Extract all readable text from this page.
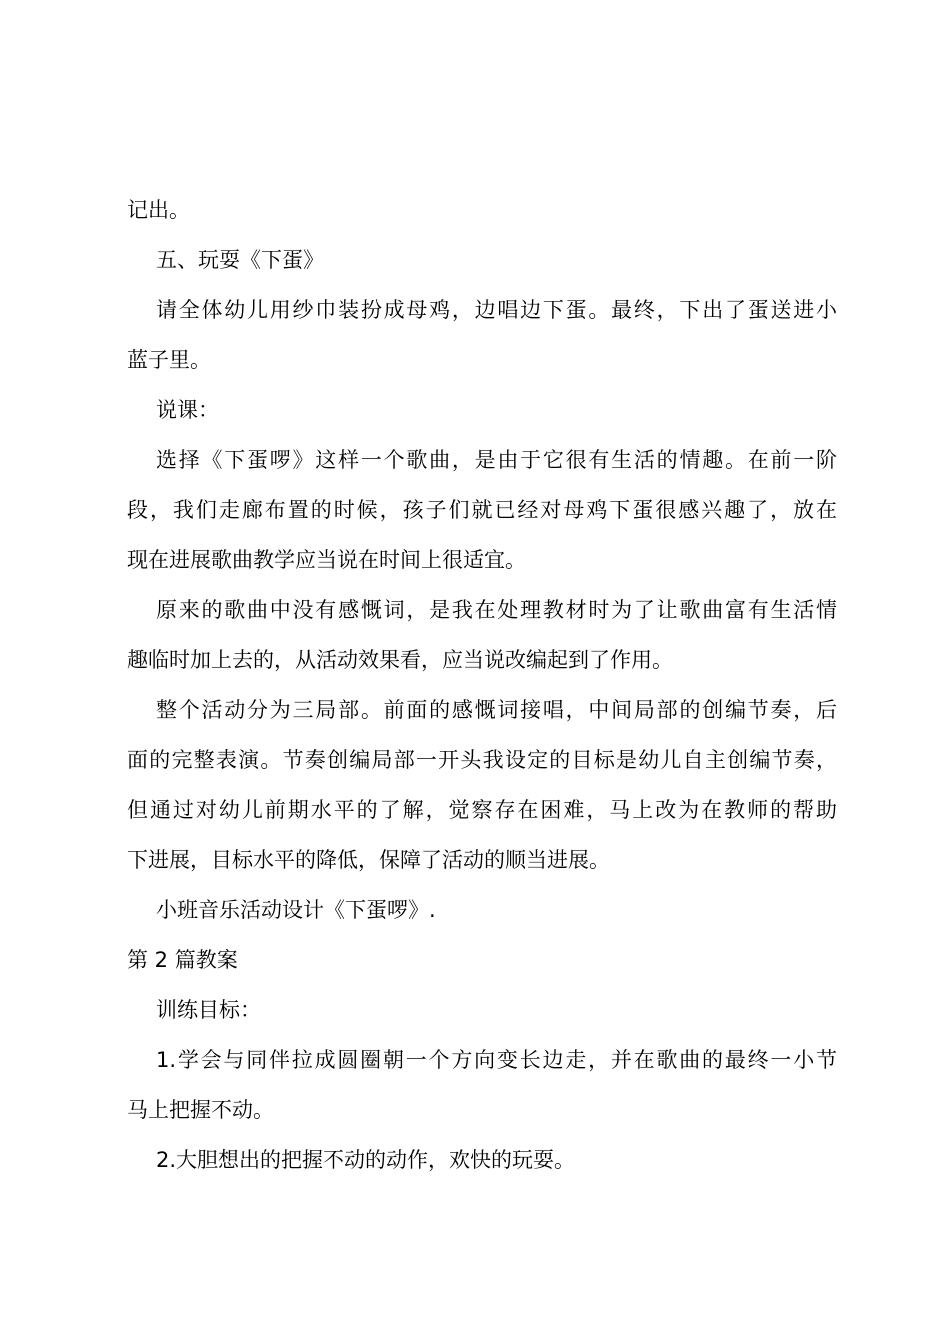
记出。
五、玩耍《下蛋》
请全体幼儿用纱巾装扮成母鸡，边唱边下蛋。最终，下出了蛋送进小
蓝子里。
说课：
选择《下蛋啰》这样一个歌曲，是由于它很有生活的情趣。在前一阶
段，我们走廊布置的时候，孩子们就已经对母鸡下蛋很感兴趣了，放在
现在进展歌曲教学应当说在时间上很适宜。
原来的歌曲中没有感慨词，是我在处理教材时为了让歌曲富有生活情
趣临时加上去的，从活动效果看，应当说改编起到了作用。
整个活动分为三局部。前面的感慨词接唱，中间局部的创编节奏，后
面的完整表演。节奏创编局部一开头我设定的目标是幼儿自主创编节奏，
但通过对幼儿前期水平的了解，觉察存在困难，马上改为在教师的帮助
下进展，目标水平的降低，保障了活动的顺当进展。
小班音乐活动设计《下蛋啰》.
第 2 篇教案
训练目标：
1.学会与同伴拉成圆圈朝一个方向变长边走，并在歌曲的最终一小节
马上把握不动。
2.大胆想出的把握不动的动作，欢快的玩耍。
